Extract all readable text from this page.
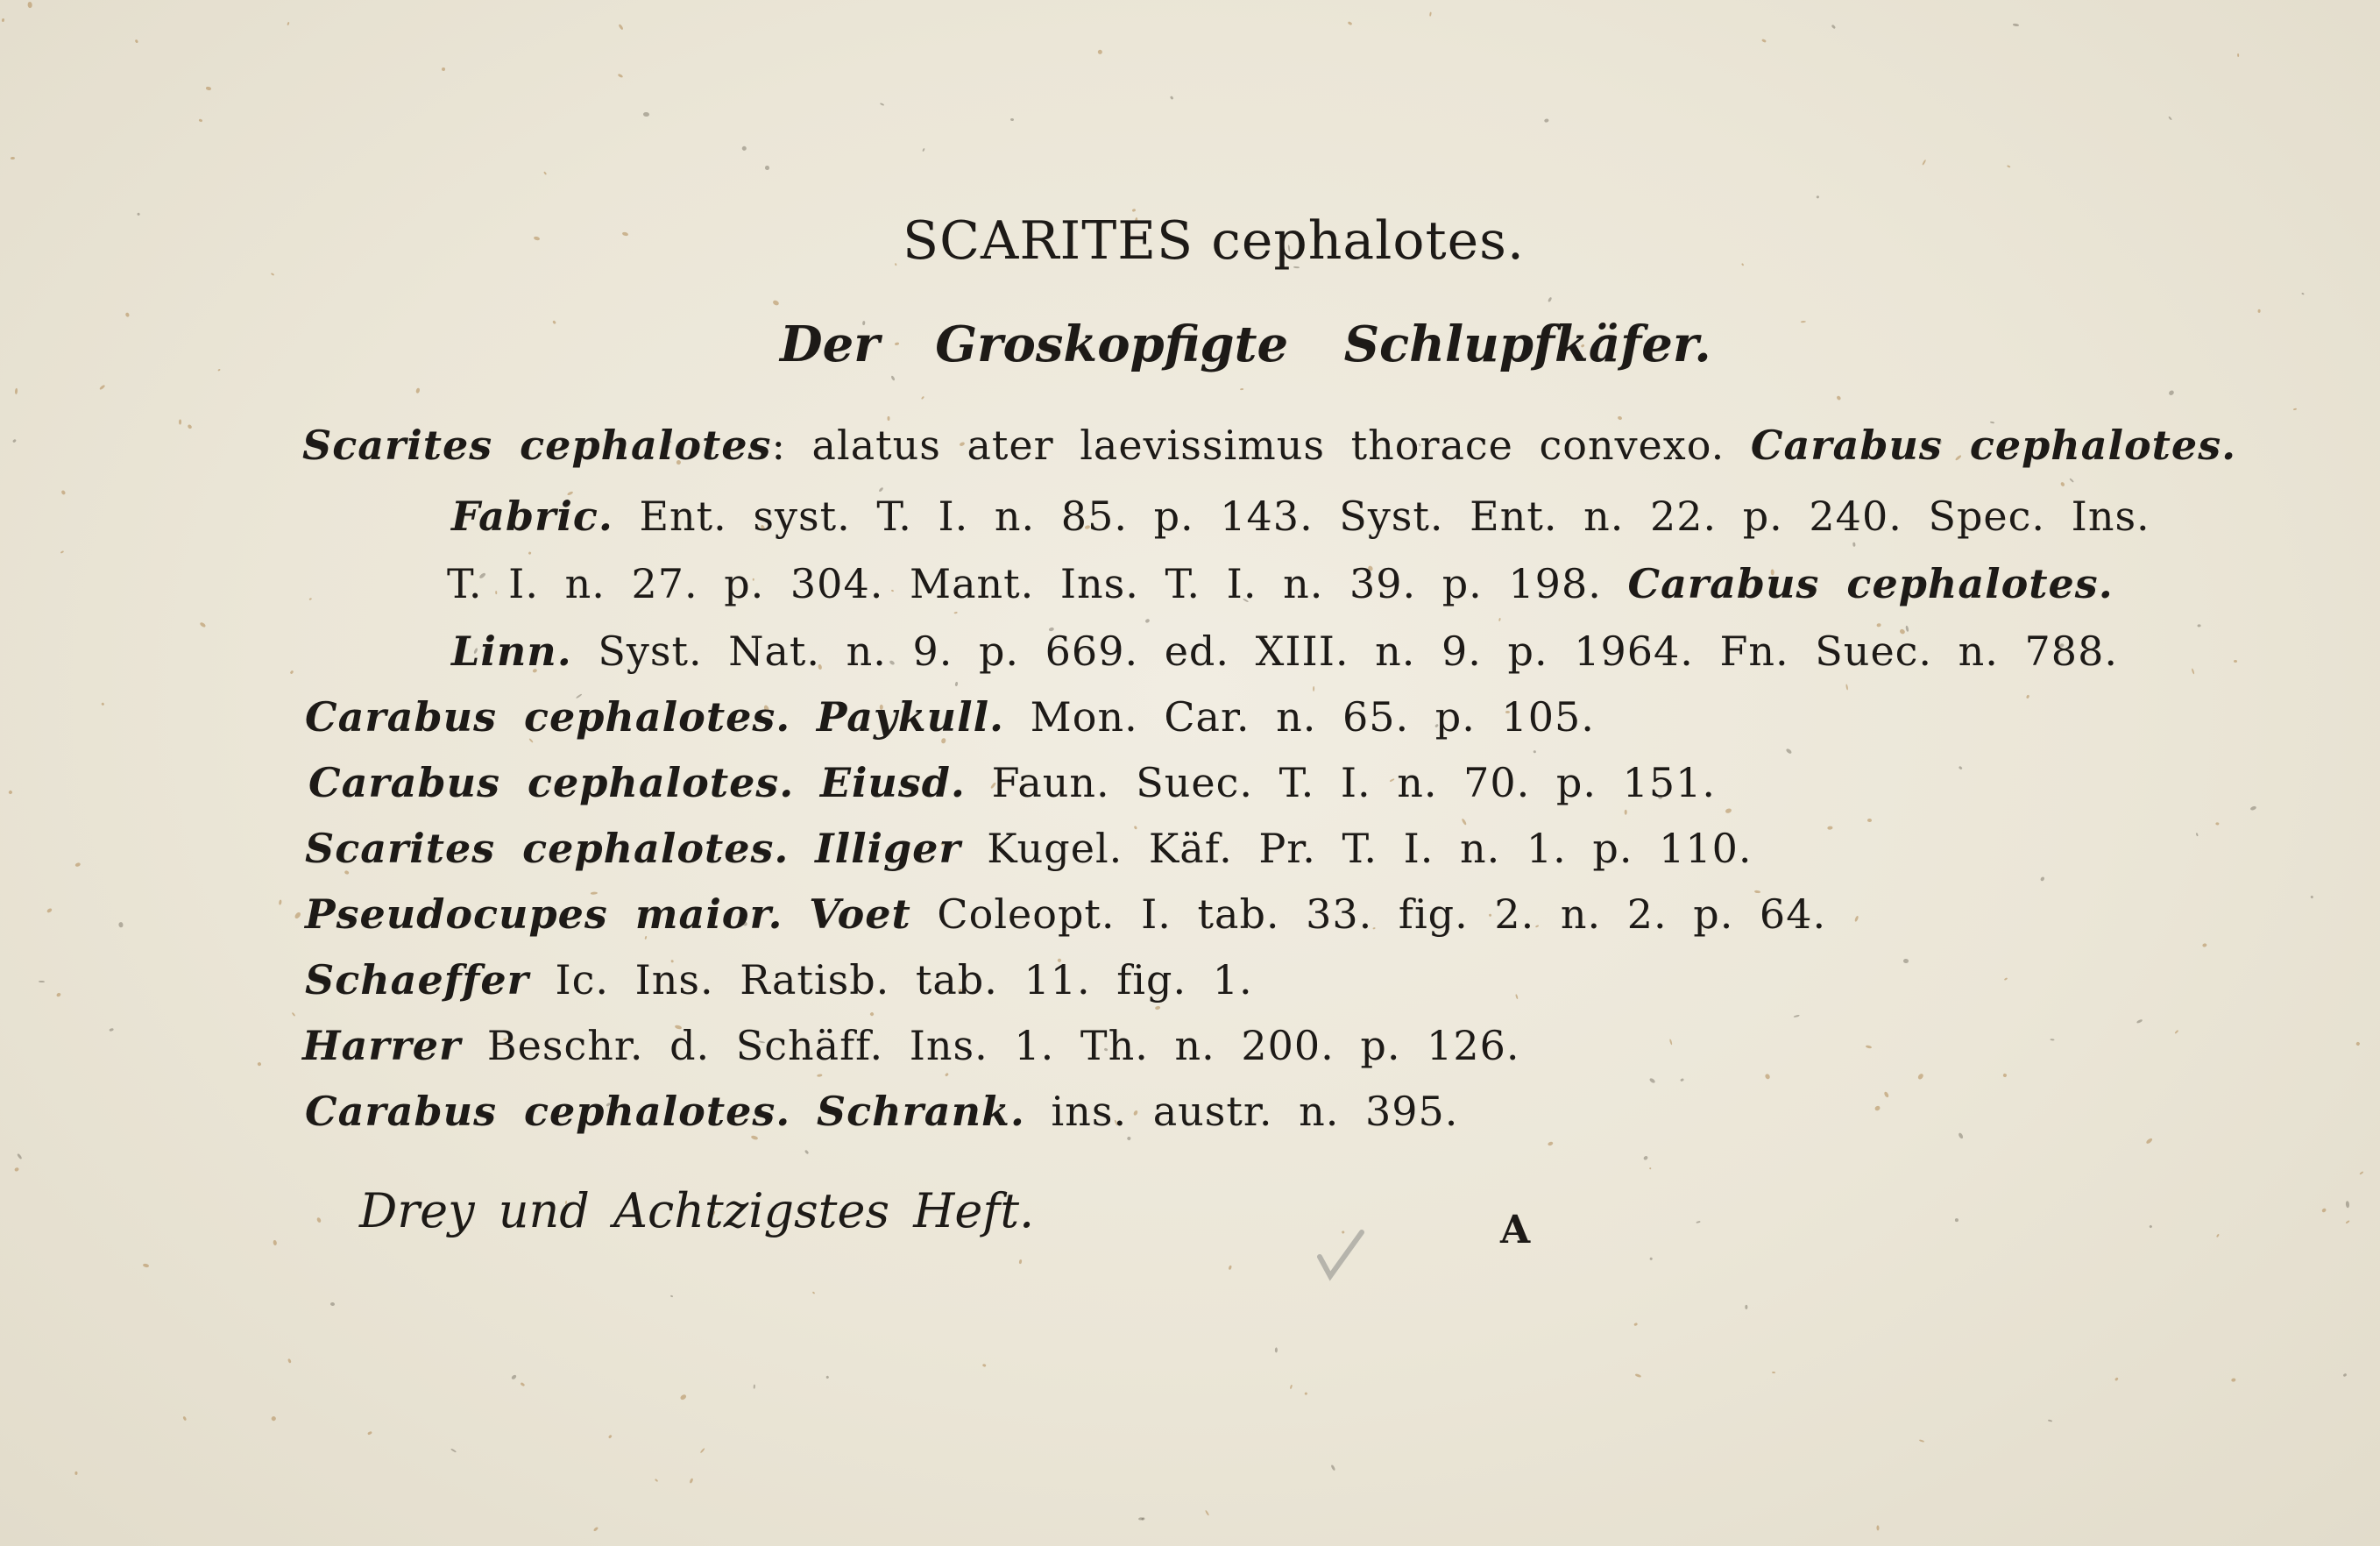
SCARITES cephalotes.
Der Groskopfigte Schlupfkäfer.
Scarites cephalotes: alatus ater laevissimus thorace convexo. Carabus cephalotes.
Fabric. Ent. syst. T. I. n. 85. p. 143. Syst. Ent. n. 22. p. 240. Spec. Ins.
T. I. n. 27. p. 304. Mant. Ins. T. I. n. 39. p. 198. Carabus cephalotes.
Linn. Syst. Nat. n. 9. p. 669. ed. XIII. n. 9. p. 1964. Fn. Suec. n. 788.
Carabus cephalotes. Paykull. Mon. Car. n. 65. p. 105.
Carabus cephalotes. Eiusd. Faun. Suec. T. I. n. 70. p. 151.
Scarites cephalotes. Illiger Kugel. Käf. Pr. T. I. n. 1. p. 110.
Pseudocupes maior. Voet Coleopt. I. tab. 33. fig. 2. n. 2. p. 64.
Schaeffer Ic. Ins. Ratisb. tab. 11. fig. 1.
Harrer Beschr. d. Schäff. Ins. 1. Th. n. 200. p. 126.
Carabus cephalotes. Schrank. ins. austr. n. 395.
Drey und Achtzigstes Heft.	A
